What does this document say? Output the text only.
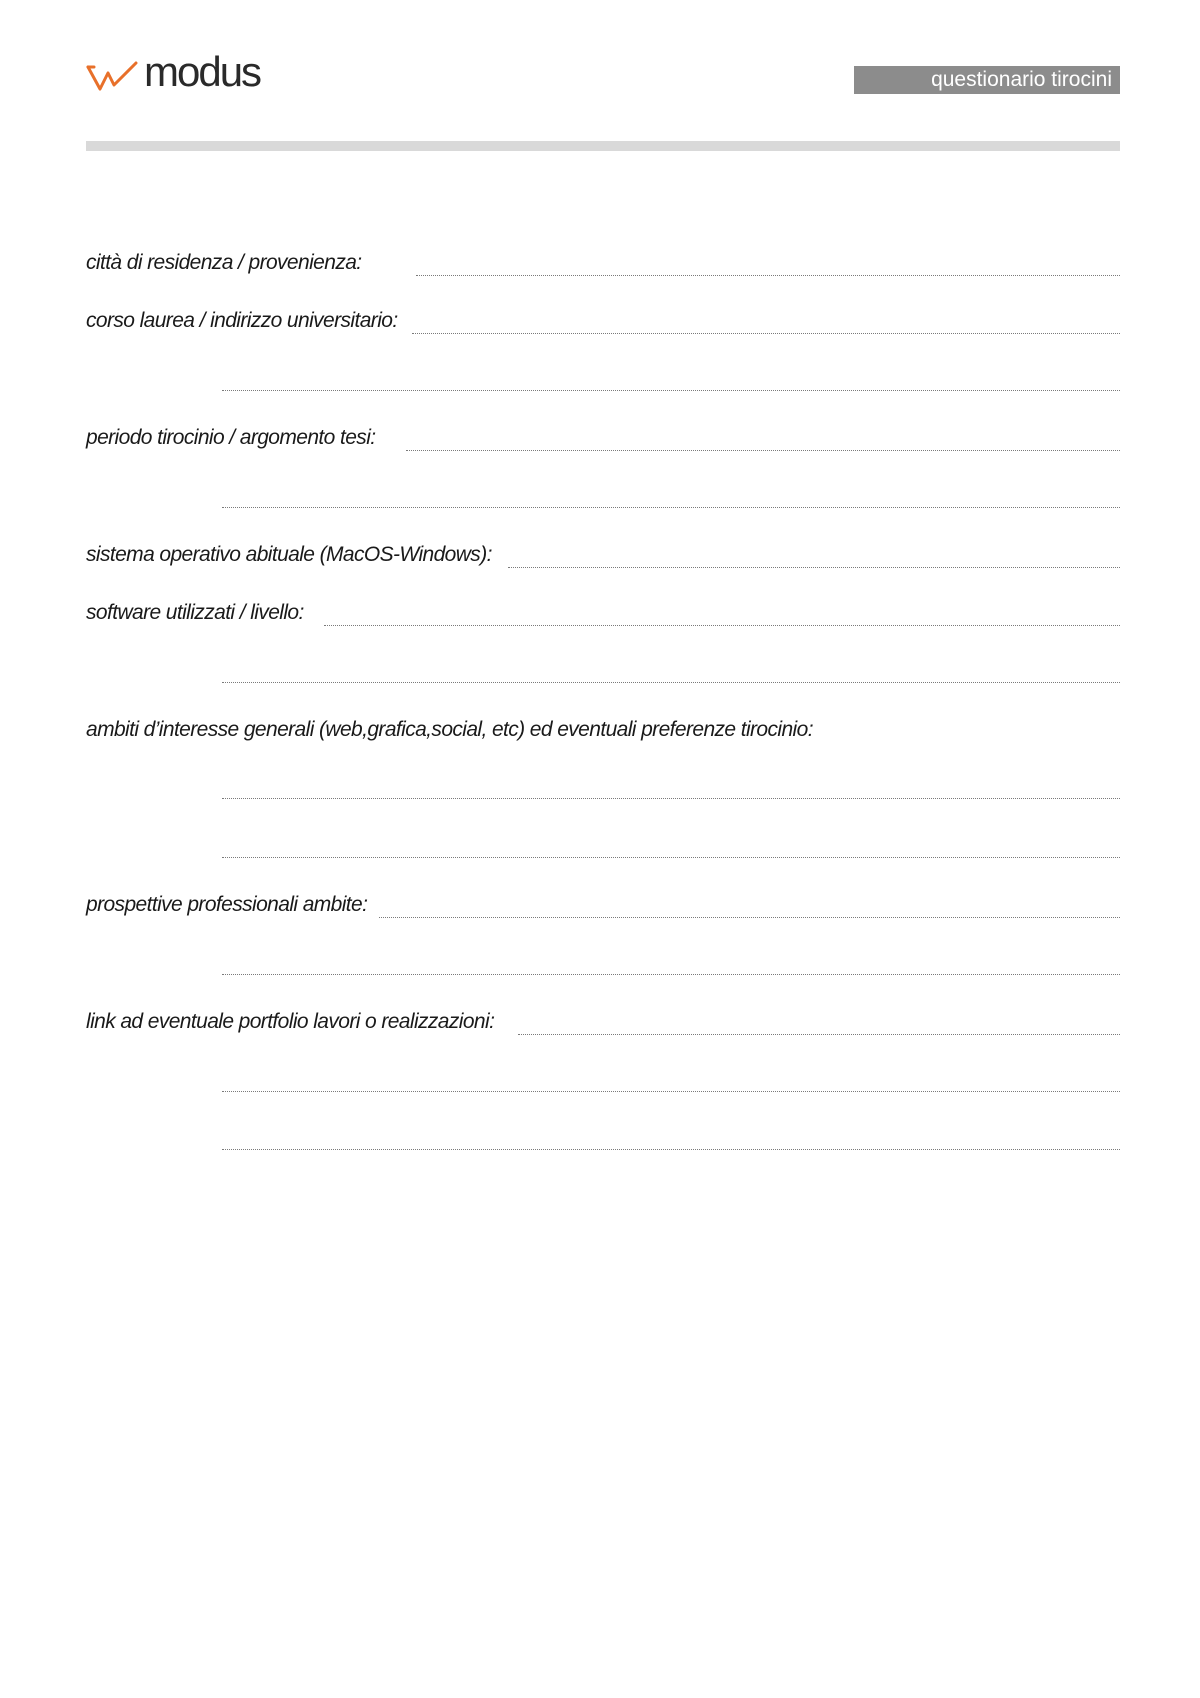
modus	questionario tirocini
città di residenza / provenienza:
corso laurea / indirizzo universitario:
periodo tirocinio / argomento tesi:
sistema operativo abituale (MacOS-Windows):
software utilizzati / livello:
ambiti d’interesse generali (web,grafica,social, etc) ed eventuali preferenze tirocinio:
prospettive professionali ambite:
link ad eventuale portfolio lavori o realizzazioni:
